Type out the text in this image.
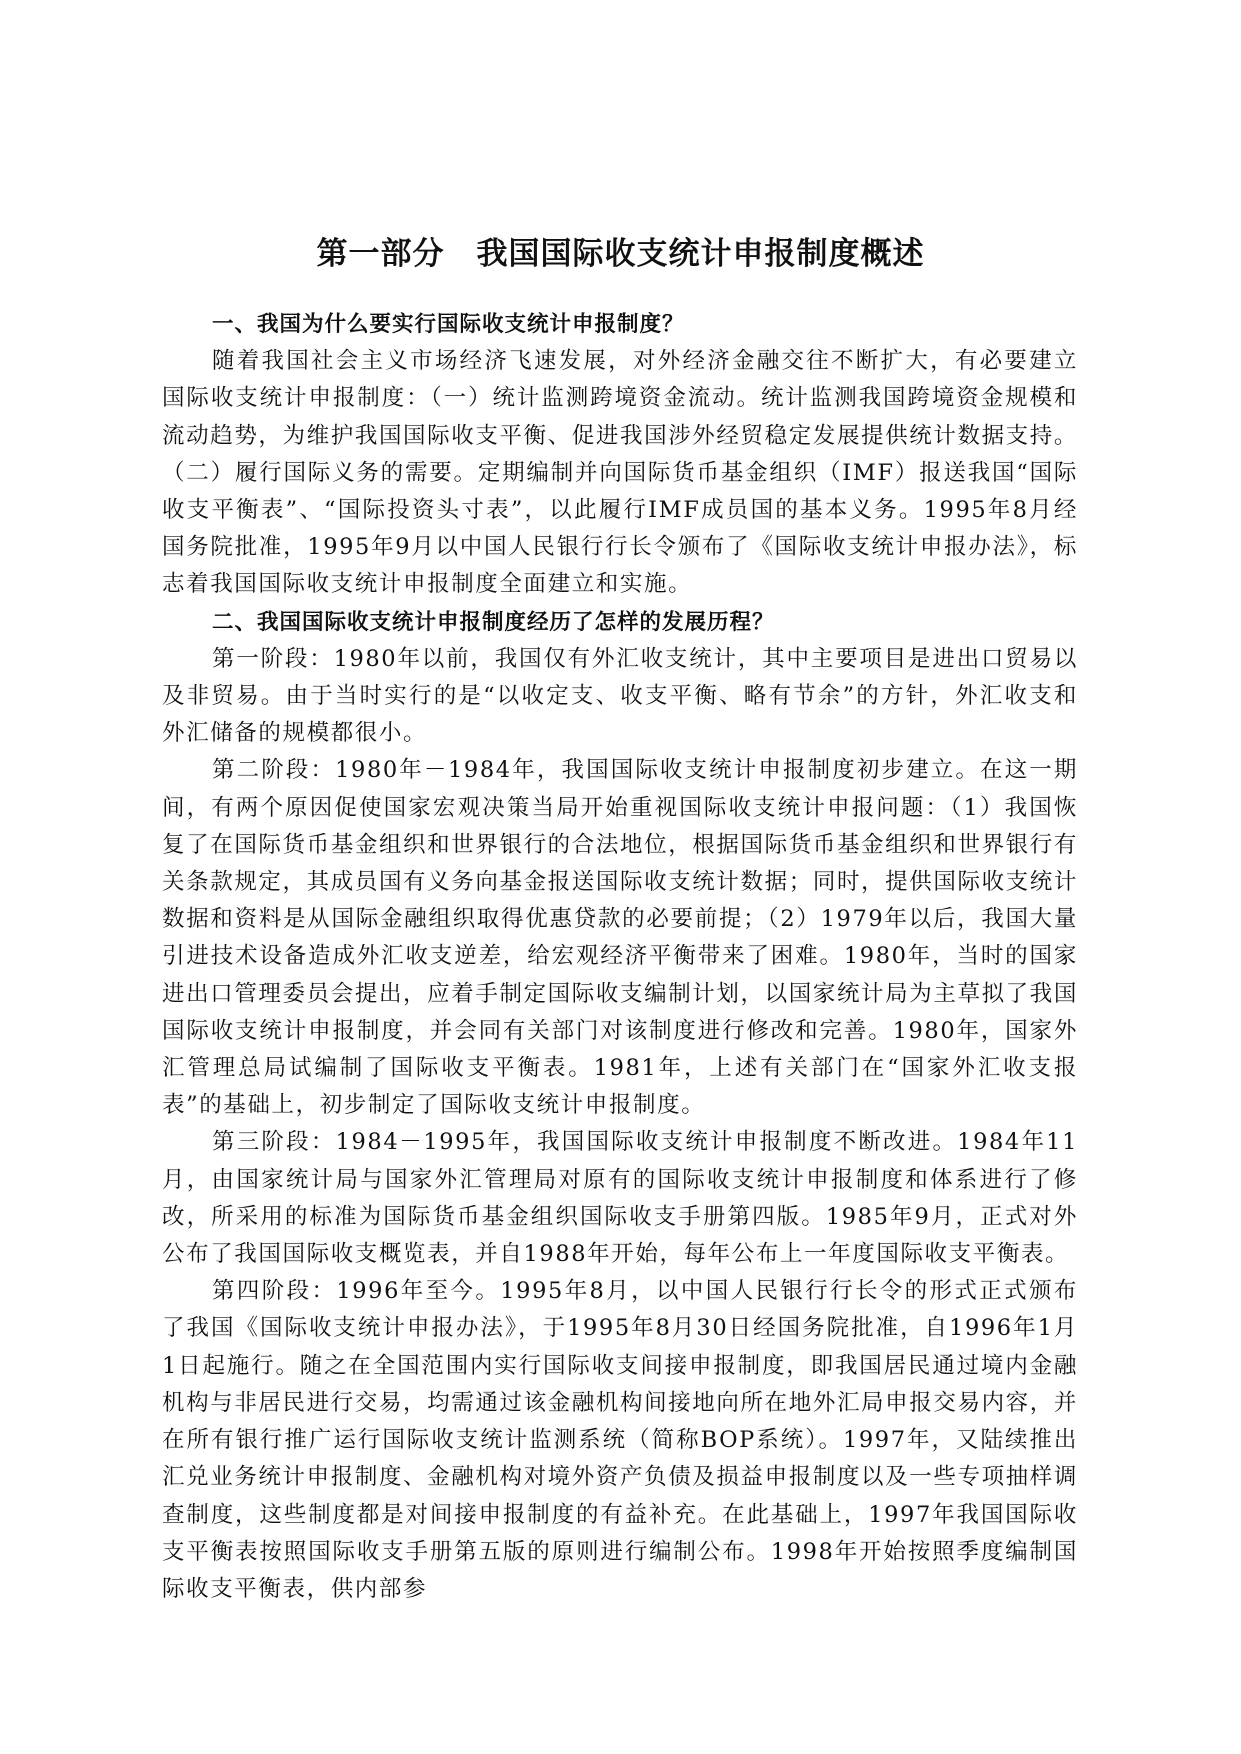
第一部分　我国国际收支统计申报制度概述

一、我国为什么要实行国际收支统计申报制度？

随着我国社会主义市场经济飞速发展，对外经济金融交往不断扩大，有必要建立国际收支统计申报制度：（一）统计监测跨境资金流动。统计监测我国跨境资金规模和流动趋势，为维护我国国际收支平衡、促进我国涉外经贸稳定发展提供统计数据支持。（二）履行国际义务的需要。定期编制并向国际货币基金组织（IMF）报送我国“国际收支平衡表”、“国际投资头寸表”，以此履行IMF成员国的基本义务。1995年8月经国务院批准，1995年9月以中国人民银行行长令颁布了《国际收支统计申报办法》，标志着我国国际收支统计申报制度全面建立和实施。

二、我国国际收支统计申报制度经历了怎样的发展历程？

第一阶段：1980年以前，我国仅有外汇收支统计，其中主要项目是进出口贸易以及非贸易。由于当时实行的是“以收定支、收支平衡、略有节余”的方针，外汇收支和外汇储备的规模都很小。

第二阶段：1980年－1984年，我国国际收支统计申报制度初步建立。在这一期间，有两个原因促使国家宏观决策当局开始重视国际收支统计申报问题：（1）我国恢复了在国际货币基金组织和世界银行的合法地位，根据国际货币基金组织和世界银行有关条款规定，其成员国有义务向基金报送国际收支统计数据；同时，提供国际收支统计数据和资料是从国际金融组织取得优惠贷款的必要前提；（2）1979年以后，我国大量引进技术设备造成外汇收支逆差，给宏观经济平衡带来了困难。1980年，当时的国家进出口管理委员会提出，应着手制定国际收支编制计划，以国家统计局为主草拟了我国国际收支统计申报制度，并会同有关部门对该制度进行修改和完善。1980年，国家外汇管理总局试编制了国际收支平衡表。1981年，上述有关部门在“国家外汇收支报表”的基础上，初步制定了国际收支统计申报制度。

第三阶段：1984－1995年，我国国际收支统计申报制度不断改进。1984年11月，由国家统计局与国家外汇管理局对原有的国际收支统计申报制度和体系进行了修改，所采用的标准为国际货币基金组织国际收支手册第四版。1985年9月，正式对外公布了我国国际收支概览表，并自1988年开始，每年公布上一年度国际收支平衡表。

第四阶段：1996年至今。1995年8月，以中国人民银行行长令的形式正式颁布了我国《国际收支统计申报办法》，于1995年8月30日经国务院批准，自1996年1月1日起施行。随之在全国范围内实行国际收支间接申报制度，即我国居民通过境内金融机构与非居民进行交易，均需通过该金融机构间接地向所在地外汇局申报交易内容，并在所有银行推广运行国际收支统计监测系统（简称BOP系统）。1997年，又陆续推出汇兑业务统计申报制度、金融机构对境外资产负债及损益申报制度以及一些专项抽样调查制度，这些制度都是对间接申报制度的有益补充。在此基础上，1997年我国国际收支平衡表按照国际收支手册第五版的原则进行编制公布。1998年开始按照季度编制国际收支平衡表，供内部参
